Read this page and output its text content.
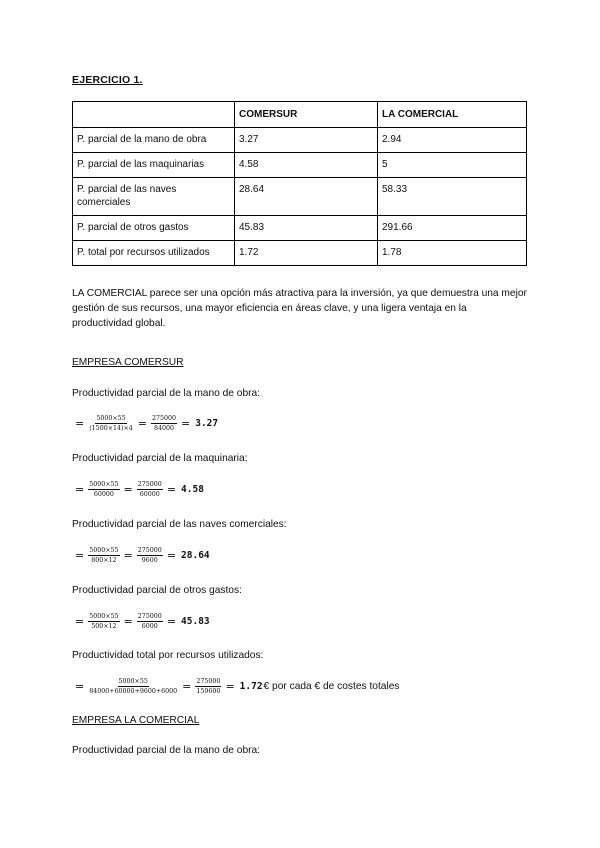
EJERCICIO 1.
	COMERSUR	LA COMERCIAL
P. parcial de la mano de obra	3.27	2.94
P. parcial de las maquinarias	4.58	5
P. parcial de las naves comerciales	28.64	58.33
P. parcial de otros gastos	45.83	291.66
P. total por recursos utilizados	1.72	1.78
LA COMERCIAL parece ser una opción más atractiva para la inversión, ya que demuestra una mejor gestión de sus recursos, una mayor eficiencia en áreas clave, y una ligera ventaja en la productividad global.
EMPRESA COMERSUR
Productividad parcial de la mano de obra:
= $\frac{5000\times 55}{(1500\times 14)\times 4} = \frac{275000}{84000} = 3.27$
Productividad parcial de la maquinaria:
= $\frac{5000\times 55}{60000} = \frac{275000}{60000} = 4.58$
Productividad parcial de las naves comerciales:
= $\frac{5000\times 55}{800\times 12} = \frac{275000}{9600} = 28.64$
Productividad parcial de otros gastos:
= $\frac{5000\times 55}{500\times 12} = \frac{275000}{6000} = 45.83$
Productividad total por recursos utilizados:
= $\frac{5000\times 55}{84000+60000+9600+6000} = \frac{275000}{159600} = 1.72$ € por cada € de costes totales
EMPRESA LA COMERCIAL
Productividad parcial de la mano de obra:
